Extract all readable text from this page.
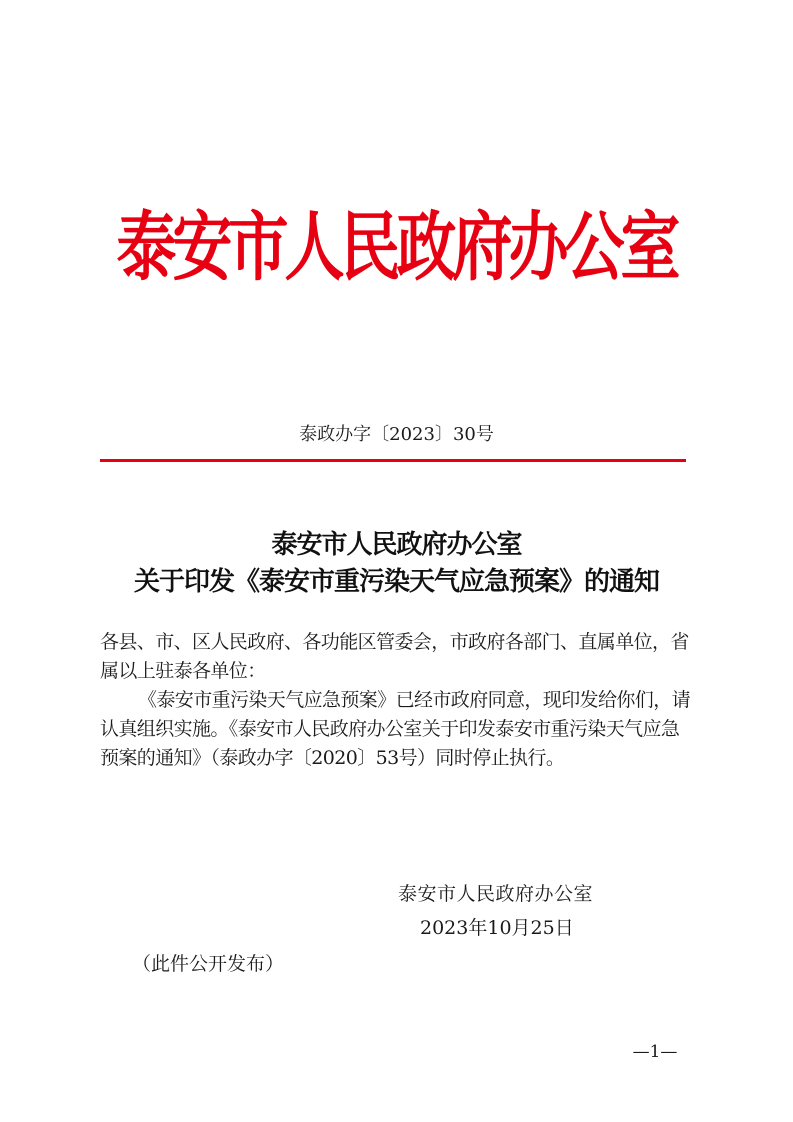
泰安市人民政府办公室
泰政办字〔2023〕30号
泰安市人民政府办公室
关于印发《泰安市重污染天气应急预案》的通知

各县、市、区人民政府、各功能区管委会，市政府各部门、直属单位，省属以上驻泰各单位：

《泰安市重污染天气应急预案》已经市政府同意，现印发给你们，请认真组织实施。《泰安市人民政府办公室关于印发泰安市重污染天气应急预案的通知》（泰政办字〔2020〕53号）同时停止执行。

泰安市人民政府办公室
2023年10月25日
（此件公开发布）
—1—
